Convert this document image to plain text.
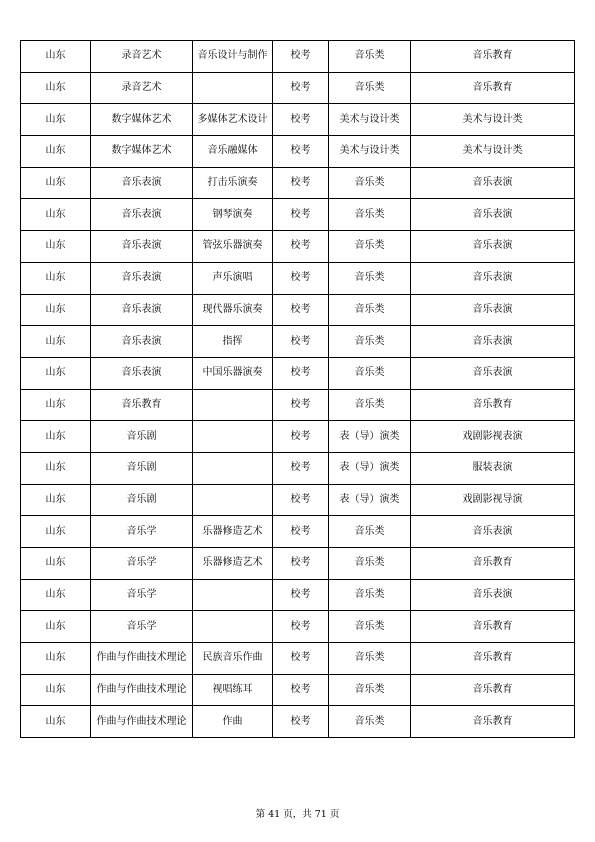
山东	录音艺术	音乐设计与制作	校考	音乐类	音乐教育
山东	录音艺术		校考	音乐类	音乐教育
山东	数字媒体艺术	多媒体艺术设计	校考	美术与设计类	美术与设计类
山东	数字媒体艺术	音乐融媒体	校考	美术与设计类	美术与设计类
山东	音乐表演	打击乐演奏	校考	音乐类	音乐表演
山东	音乐表演	钢琴演奏	校考	音乐类	音乐表演
山东	音乐表演	管弦乐器演奏	校考	音乐类	音乐表演
山东	音乐表演	声乐演唱	校考	音乐类	音乐表演
山东	音乐表演	现代器乐演奏	校考	音乐类	音乐表演
山东	音乐表演	指挥	校考	音乐类	音乐表演
山东	音乐表演	中国乐器演奏	校考	音乐类	音乐表演
山东	音乐教育		校考	音乐类	音乐教育
山东	音乐剧		校考	表（导）演类	戏剧影视表演
山东	音乐剧		校考	表（导）演类	服装表演
山东	音乐剧		校考	表（导）演类	戏剧影视导演
山东	音乐学	乐器修造艺术	校考	音乐类	音乐表演
山东	音乐学	乐器修造艺术	校考	音乐类	音乐教育
山东	音乐学		校考	音乐类	音乐表演
山东	音乐学		校考	音乐类	音乐教育
山东	作曲与作曲技术理论	民族音乐作曲	校考	音乐类	音乐教育
山东	作曲与作曲技术理论	视唱练耳	校考	音乐类	音乐教育
山东	作曲与作曲技术理论	作曲	校考	音乐类	音乐教育
第 41 页，共 71 页
